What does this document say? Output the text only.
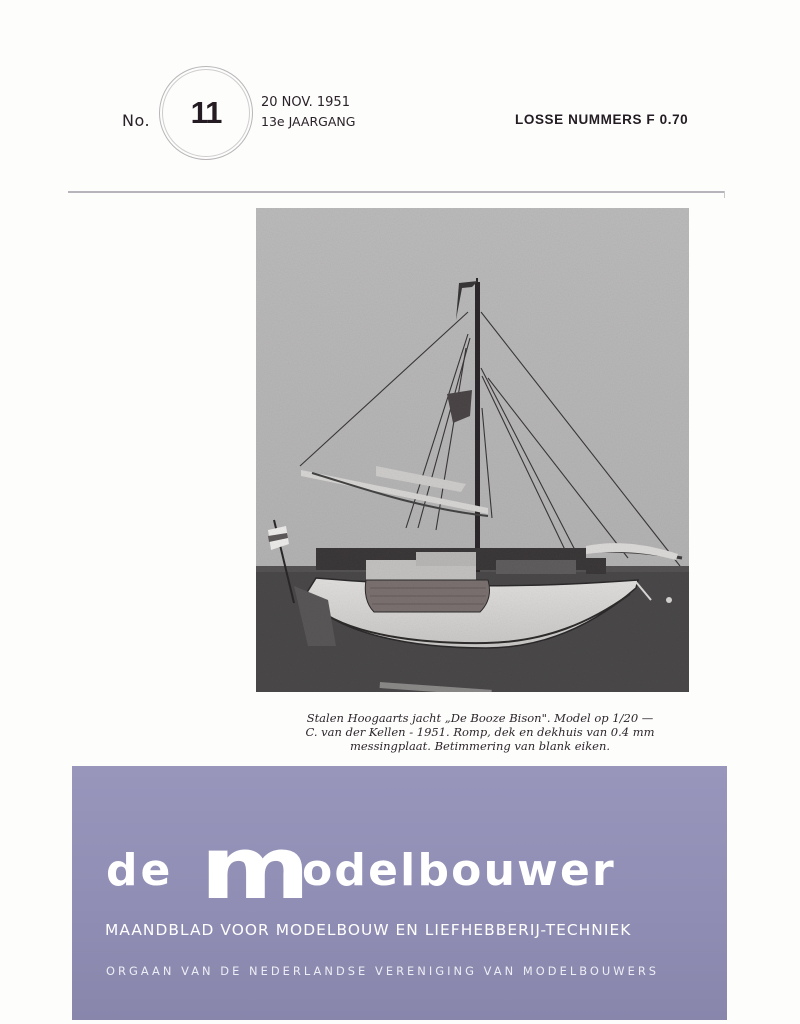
No.	11	20 NOV. 1951
13e JAARGANG	LOSSE NUMMERS F 0.70
Stalen Hoogaarts jacht „De Booze Bison". Model op 1/20 —
C. van der Kellen - 1951. Romp, dek en dekhuis van 0.4 mm
messingplaat. Betimmering van blank eiken.
de m
odelbouwer
MAANDBLAD VOOR MODELBOUW EN LIEFHEBBERIJ-TECHNIEK
ORGAAN VAN DE NEDERLANDSE VERENIGING VAN MODELBOUWERS
